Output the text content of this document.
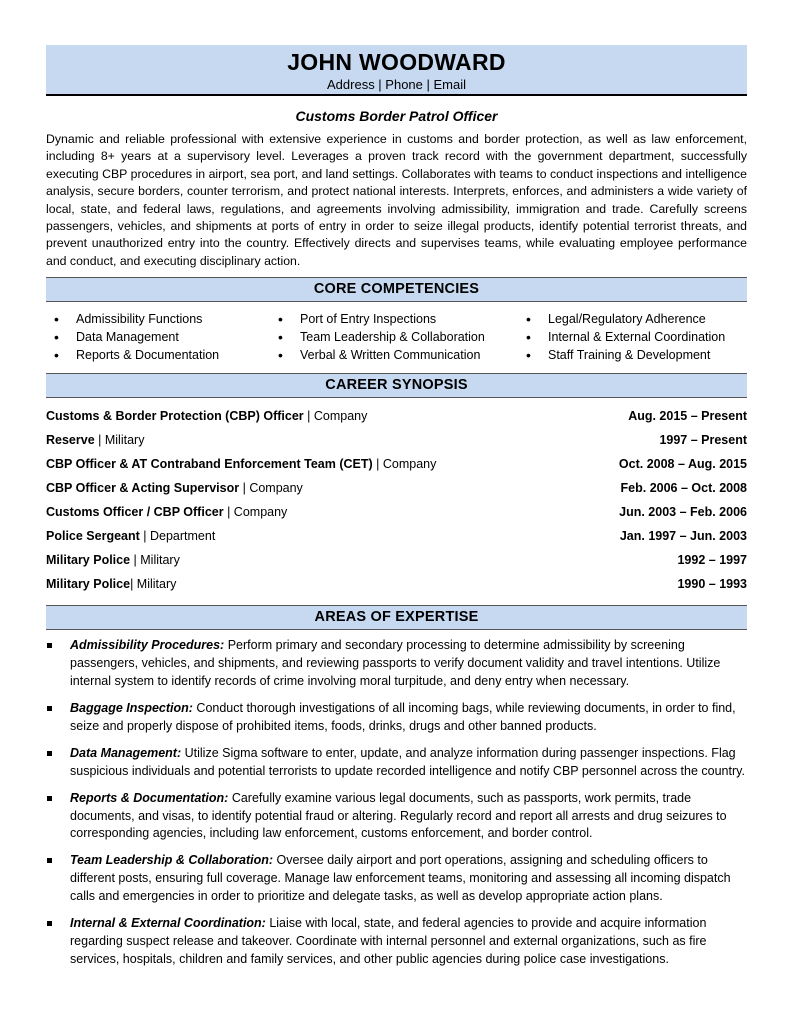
JOHN WOODWARD
Address | Phone | Email
Customs Border Patrol Officer

Dynamic and reliable professional with extensive experience in customs and border protection, as well as law enforcement, including 8+ years at a supervisory level. Leverages a proven track record with the government department, successfully executing CBP procedures in airport, sea port, and land settings. Collaborates with teams to conduct inspections and intelligence analysis, secure borders, counter terrorism, and protect national interests. Interprets, enforces, and administers a wide variety of local, state, and federal laws, regulations, and agreements involving admissibility, immigration and trade. Carefully screens passengers, vehicles, and shipments at ports of entry in order to seize illegal products, identify potential terrorist threats, and prevent unauthorized entry into the country. Effectively directs and supervises teams, while evaluating employee performance and conduct, and executing disciplinary action.

CORE COMPETENCIES
• Admissibility Functions
• Data Management
• Reports & Documentation
• Port of Entry Inspections
• Team Leadership & Collaboration
• Verbal & Written Communication
• Legal/Regulatory Adherence
• Internal & External Coordination
• Staff Training & Development
CAREER SYNOPSIS
Customs & Border Protection (CBP) Officer | Company	Aug. 2015 – Present
Reserve | Military	1997 – Present
CBP Officer & AT Contraband Enforcement Team (CET) | Company	Oct. 2008 – Aug. 2015
CBP Officer & Acting Supervisor | Company	Feb. 2006 – Oct. 2008
Customs Officer / CBP Officer | Company	Jun. 2003 – Feb. 2006
Police Sergeant | Department	Jan. 1997 – Jun. 2003
Military Police | Military	1992 – 1997
Military Police| Military	1990 – 1993
AREAS OF EXPERTISE
Admissibility Procedures: Perform primary and secondary processing to determine admissibility by screening passengers, vehicles, and shipments, and reviewing passports to verify document validity and travel intentions. Utilize internal system to identify records of crime involving moral turpitude, and deny entry when necessary.
Baggage Inspection: Conduct thorough investigations of all incoming bags, while reviewing documents, in order to find, seize and properly dispose of prohibited items, foods, drinks, drugs and other banned products.
Data Management: Utilize Sigma software to enter, update, and analyze information during passenger inspections. Flag suspicious individuals and potential terrorists to update recorded intelligence and notify CBP personnel across the country.
Reports & Documentation: Carefully examine various legal documents, such as passports, work permits, trade documents, and visas, to identify potential fraud or altering. Regularly record and report all arrests and drug seizures to corresponding agencies, including law enforcement, customs enforcement, and border control.
Team Leadership & Collaboration: Oversee daily airport and port operations, assigning and scheduling officers to different posts, ensuring full coverage. Manage law enforcement teams, monitoring and assessing all incoming dispatch calls and emergencies in order to prioritize and delegate tasks, as well as develop appropriate action plans.
Internal & External Coordination: Liaise with local, state, and federal agencies to provide and acquire information regarding suspect release and takeover. Coordinate with internal personnel and external organizations, such as fire services, hospitals, children and family services, and other public agencies during police case investigations.
